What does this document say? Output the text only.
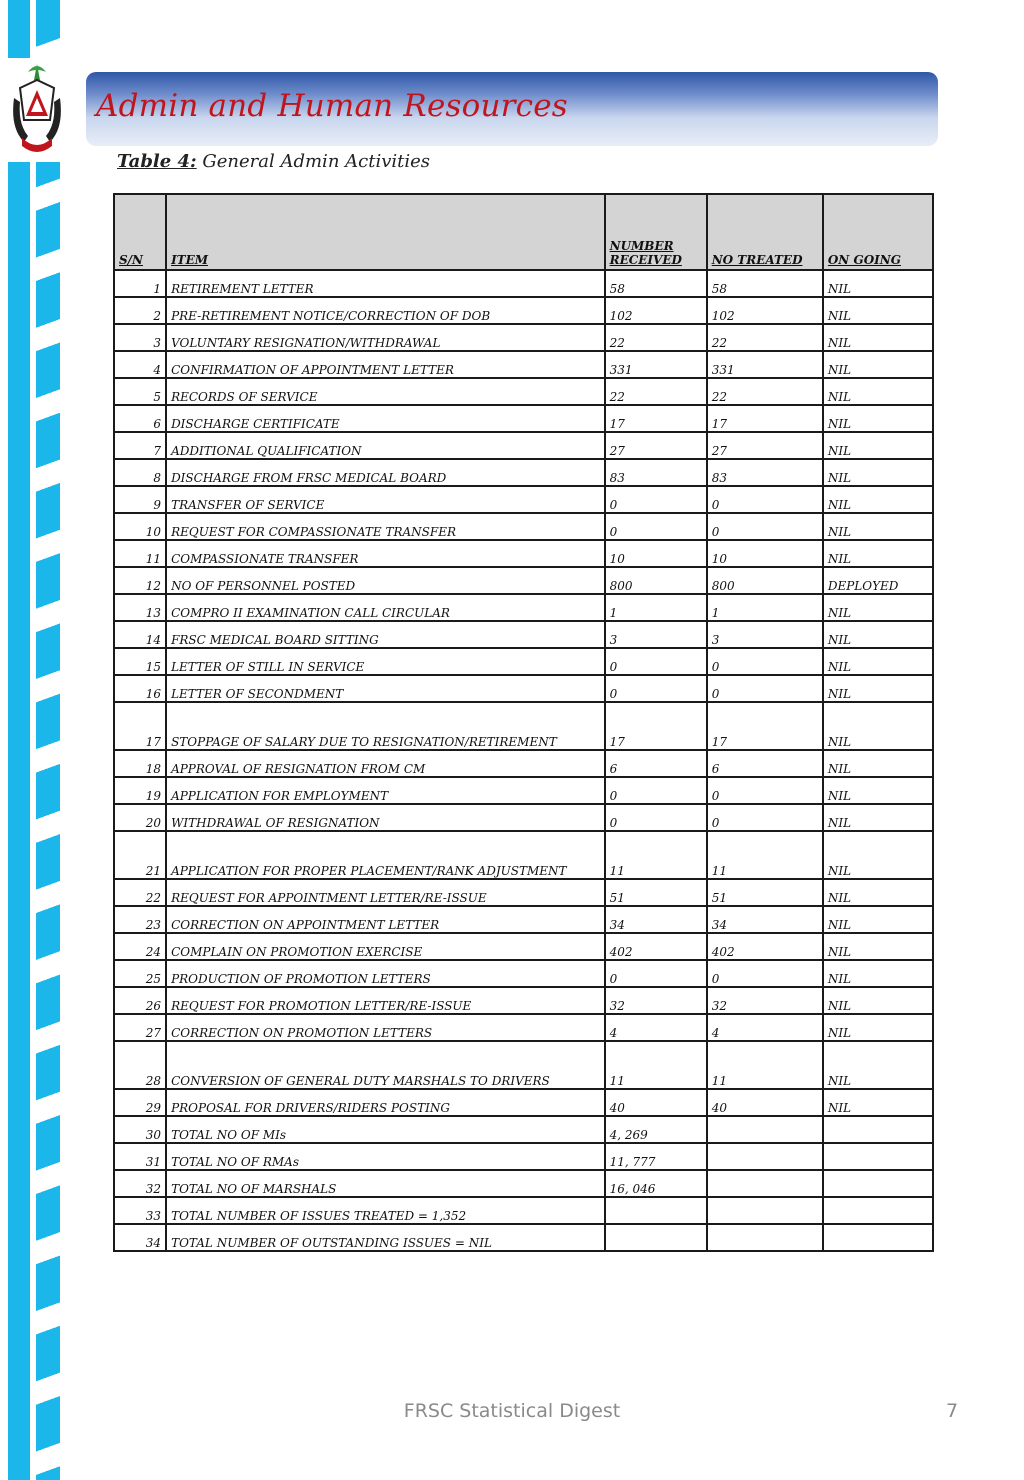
Admin and Human Resources
Table 4: General Admin Activities
S/N	ITEM	NUMBER RECEIVED	NO TREATED	ON GOING
1	RETIREMENT LETTER	58	58	NIL
2	PRE-RETIREMENT NOTICE/CORRECTION OF DOB	102	102	NIL
3	VOLUNTARY RESIGNATION/WITHDRAWAL	22	22	NIL
4	CONFIRMATION OF APPOINTMENT LETTER	331	331	NIL
5	RECORDS OF SERVICE	22	22	NIL
6	DISCHARGE CERTIFICATE	17	17	NIL
7	ADDITIONAL QUALIFICATION	27	27	NIL
8	DISCHARGE FROM FRSC MEDICAL BOARD	83	83	NIL
9	TRANSFER OF SERVICE	0	0	NIL
10	REQUEST FOR COMPASSIONATE TRANSFER	0	0	NIL
11	COMPASSIONATE TRANSFER	10	10	NIL
12	NO OF PERSONNEL POSTED	800	800	DEPLOYED
13	COMPRO II EXAMINATION CALL CIRCULAR	1	1	NIL
14	FRSC MEDICAL BOARD SITTING	3	3	NIL
15	LETTER OF STILL IN SERVICE	0	0	NIL
16	LETTER OF SECONDMENT	0	0	NIL
17	STOPPAGE OF SALARY DUE TO RESIGNATION/RETIREMENT	17	17	NIL
18	APPROVAL OF RESIGNATION FROM CM	6	6	NIL
19	APPLICATION FOR EMPLOYMENT	0	0	NIL
20	WITHDRAWAL OF RESIGNATION	0	0	NIL
21	APPLICATION FOR PROPER PLACEMENT/RANK ADJUSTMENT	11	11	NIL
22	REQUEST FOR APPOINTMENT LETTER/RE-ISSUE	51	51	NIL
23	CORRECTION ON APPOINTMENT LETTER	34	34	NIL
24	COMPLAIN ON PROMOTION EXERCISE	402	402	NIL
25	PRODUCTION OF PROMOTION LETTERS	0	0	NIL
26	REQUEST FOR PROMOTION LETTER/RE-ISSUE	32	32	NIL
27	CORRECTION ON PROMOTION LETTERS	4	4	NIL
28	CONVERSION OF GENERAL DUTY MARSHALS TO DRIVERS	11	11	NIL
29	PROPOSAL FOR DRIVERS/RIDERS POSTING	40	40	NIL
30	TOTAL NO OF MIs	4, 269		
31	TOTAL NO OF RMAs	11, 777		
32	TOTAL NO OF MARSHALS	16, 046		
33	TOTAL NUMBER OF ISSUES TREATED = 1,352			
34	TOTAL NUMBER OF OUTSTANDING ISSUES = NIL			
FRSC Statistical Digest	7
